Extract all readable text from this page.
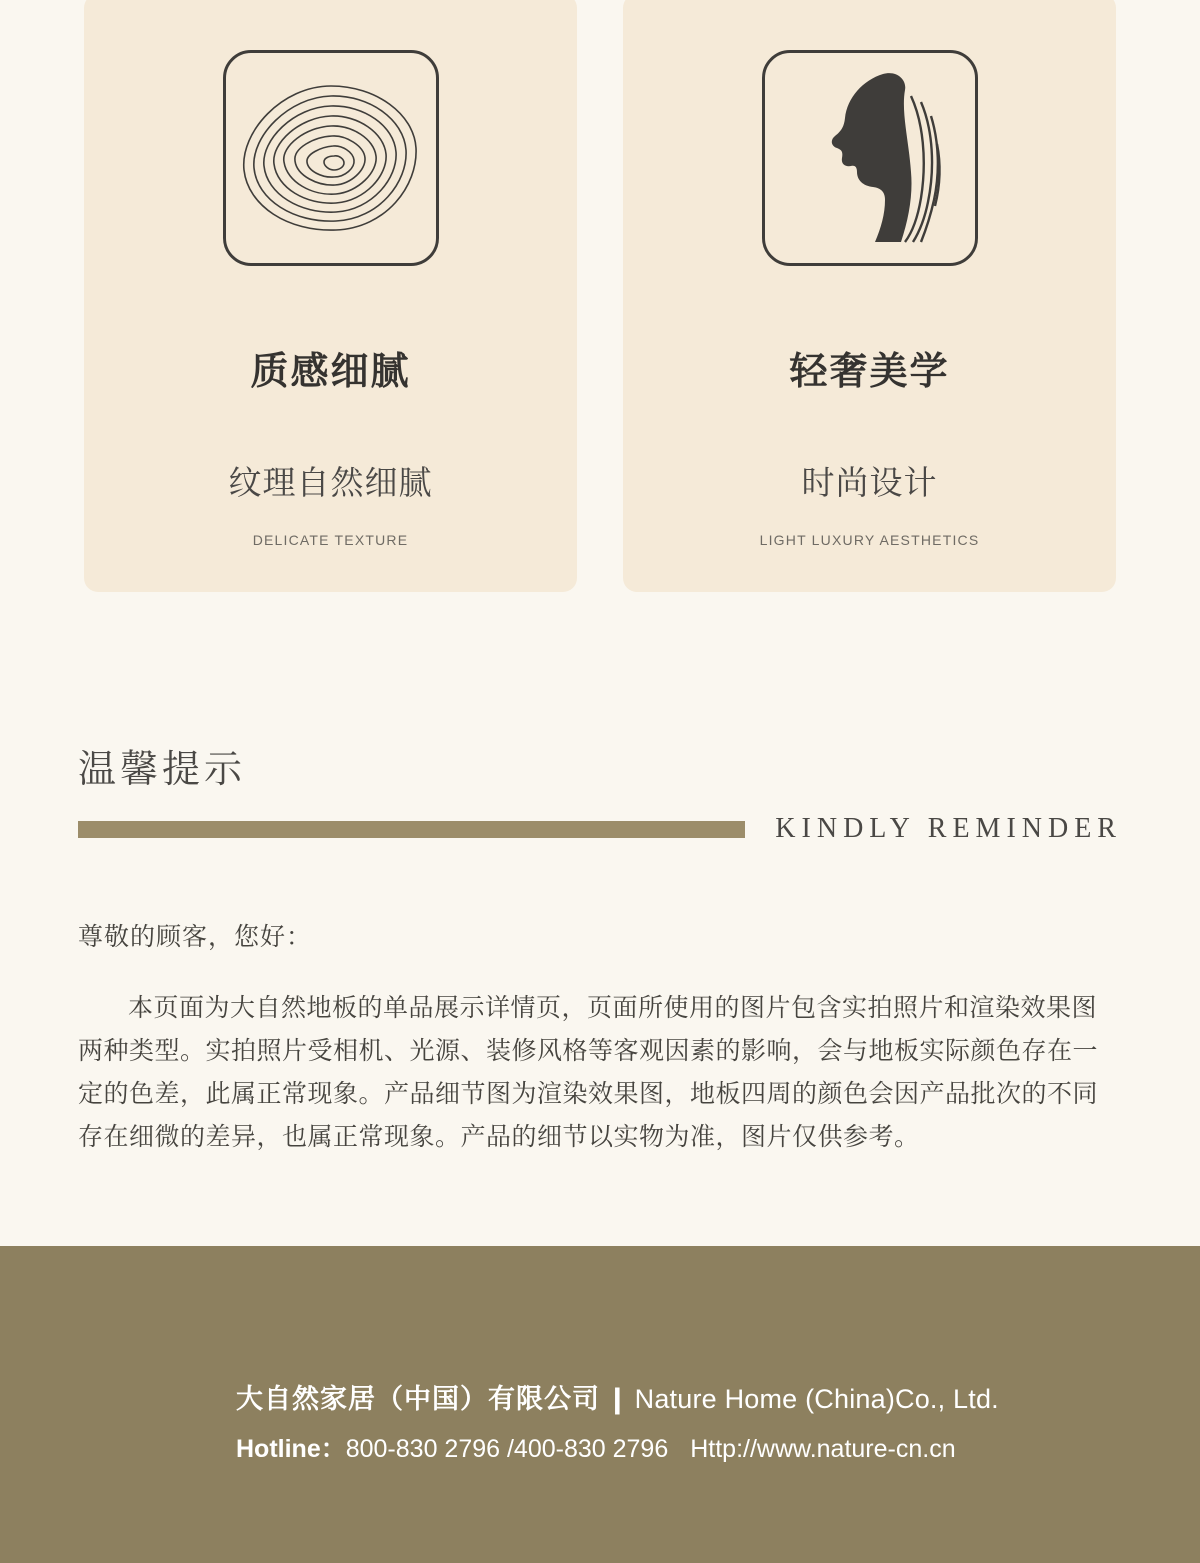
质感细腻
纹理自然细腻
DELICATE TEXTURE
轻奢美学
时尚设计
LIGHT LUXURY AESTHETICS
温馨提示
KINDLY REMINDER
尊敬的顾客，您好：

本页面为大自然地板的单品展示详情页，页面所使用的图片包含实拍照片和渲染效果图两种类型。实拍照片受相机、光源、装修风格等客观因素的影响，会与地板实际颜色存在一定的色差，此属正常现象。产品细节图为渲染效果图，地板四周的颜色会因产品批次的不同存在细微的差异，也属正常现象。产品的细节以实物为准，图片仅供参考。

大自然家居（中国）有限公司 ❙ Nature Home (China)Co., Ltd.
Hotline：800-830 2796 /400-830 2796 Http://www.nature-cn.cn
